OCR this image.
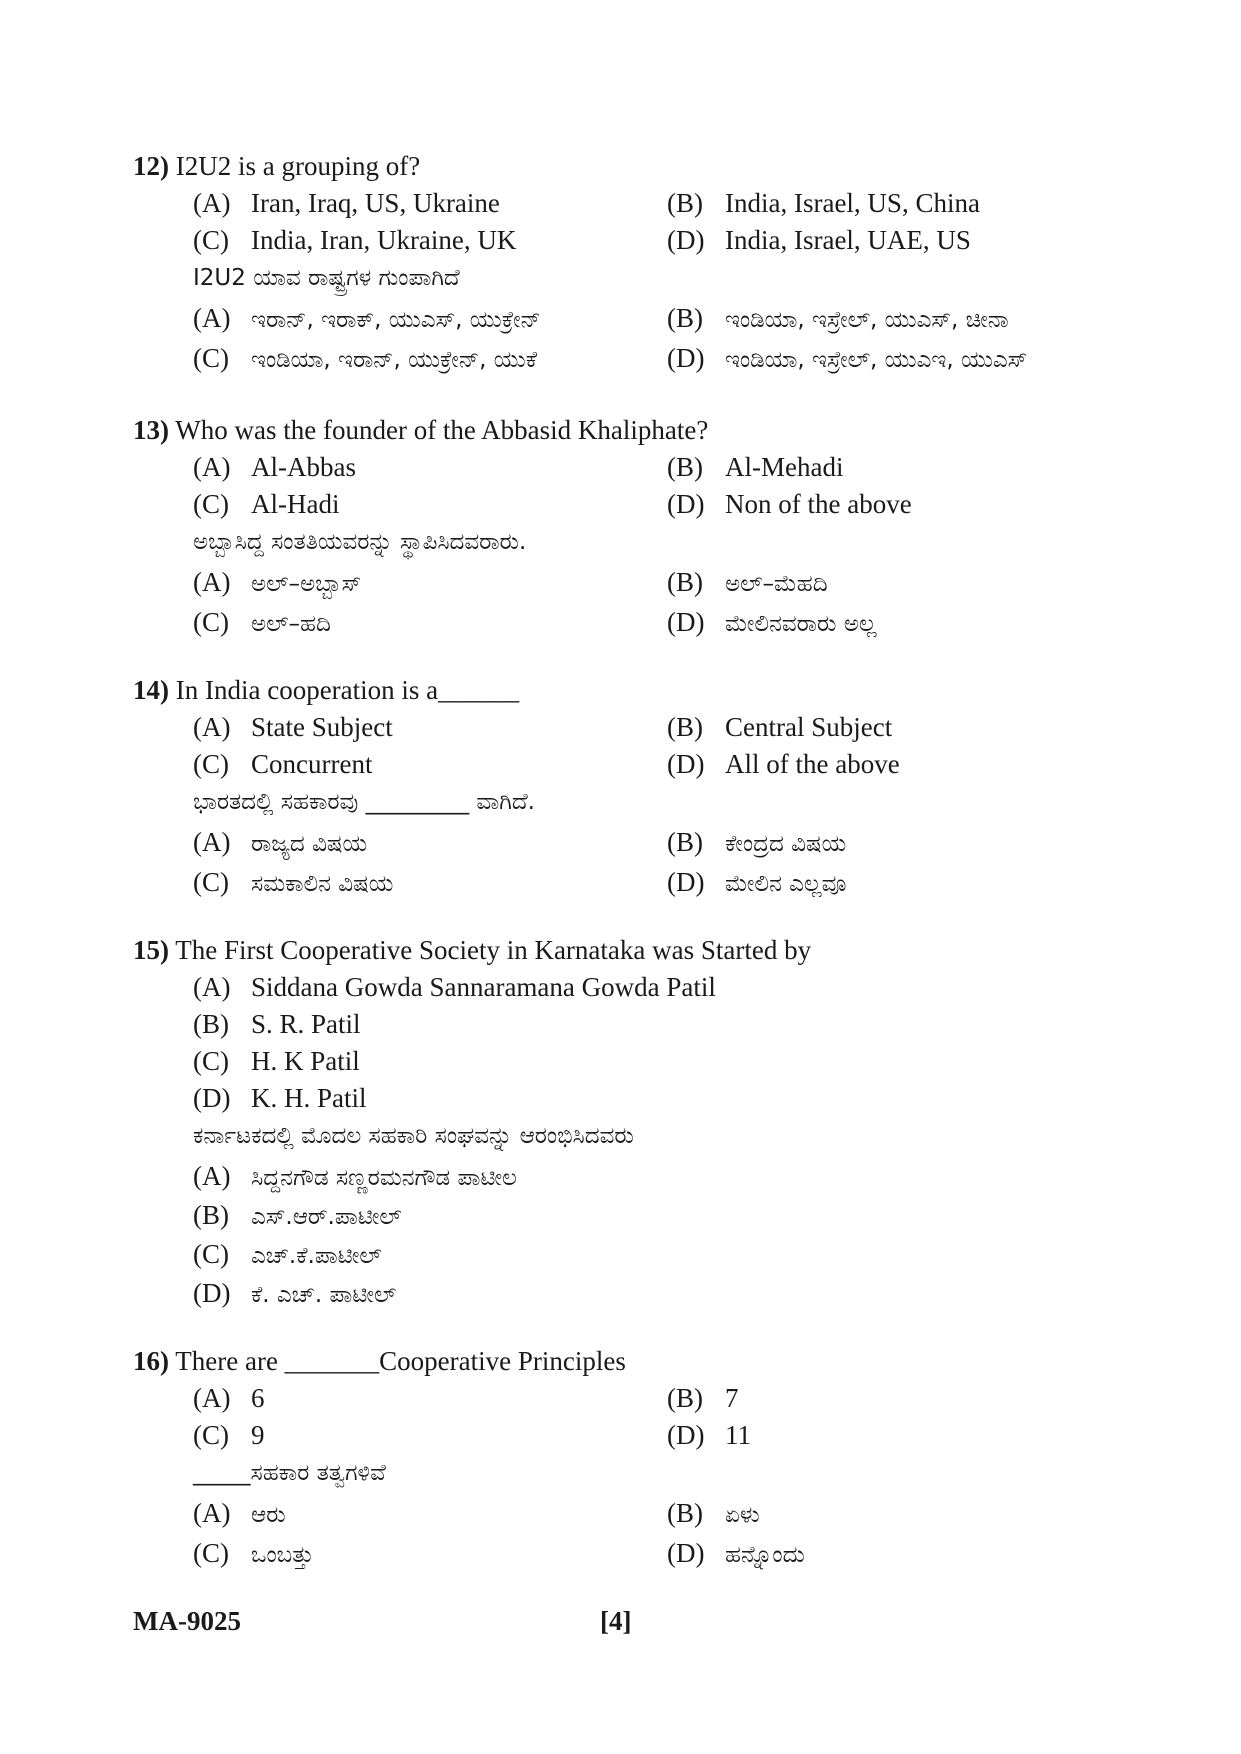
12) I2U2 is a grouping of?
(A) Iran, Iraq, US, Ukraine	(B) India, Israel, US, China
(C) India, Iran, Ukraine, UK	(D) India, Israel, UAE, US
I2U2 ಯಾವ ರಾಷ್ಟ್ರಗಳ ಗುಂಪಾಗಿದೆ
(A) ಇರಾನ್, ಇರಾಕ್, ಯುಎಸ್, ಯುಕ್ರೇನ್	(B) ಇಂಡಿಯಾ, ಇಸ್ರೇಲ್, ಯುಎಸ್, ಚೀನಾ
(C) ಇಂಡಿಯಾ, ಇರಾನ್, ಯುಕ್ರೇನ್, ಯುಕೆ	(D) ಇಂಡಿಯಾ, ಇಸ್ರೇಲ್, ಯುಎಇ, ಯುಎಸ್
13) Who was the founder of the Abbasid Khaliphate?
(A) Al-Abbas	(B) Al-Mehadi
(C) Al-Hadi	(D) Non of the above
ಅಬ್ಬಾಸಿದ್ದ ಸಂತತಿಯವರನ್ನು ಸ್ಥಾಪಿಸಿದವರಾರು.
(A) ಅಲ್–ಅಬ್ಬಾಸ್	(B) ಅಲ್–ಮೆಹದಿ
(C) ಅಲ್–ಹದಿ	(D) ಮೇಲಿನವರಾರು ಅಲ್ಲ
14) In India cooperation is a______
(A) State Subject	(B) Central Subject
(C) Concurrent	(D) All of the above
ಭಾರತದಲ್ಲಿ ಸಹಕಾರವು _________ ವಾಗಿದೆ.
(A) ರಾಜ್ಯದ ವಿಷಯ	(B) ಕೇಂದ್ರದ ವಿಷಯ
(C) ಸಮಕಾಲಿನ ವಿಷಯ	(D) ಮೇಲಿನ ಎಲ್ಲವೂ
15) The First Cooperative Society in Karnataka was Started by
(A) Siddana Gowda Sannaramana Gowda Patil
(B) S. R. Patil
(C) H. K Patil
(D) K. H. Patil
ಕರ್ನಾಟಕದಲ್ಲಿ ಮೊದಲ ಸಹಕಾರಿ ಸಂಘವನ್ನು ಆರಂಭಿಸಿದವರು
(A) ಸಿದ್ದನಗೌಡ ಸಣ್ಣರಮನಗೌಡ ಪಾಟೀಲ
(B) ಎಸ್.ಆರ್.ಪಾಟೀಲ್
(C) ಎಚ್.ಕೆ.ಪಾಟೀಲ್
(D) ಕೆ. ಎಚ್. ಪಾಟೀಲ್
16) There are _______Cooperative Principles
(A) 6	(B) 7
(C) 9	(D) 11
_____ಸಹಕಾರ ತತ್ವಗಳಿವೆ
(A) ಆರು	(B) ಏಳು
(C) ಒಂಬತ್ತು	(D) ಹನ್ನೊಂದು
MA-9025	[4]
